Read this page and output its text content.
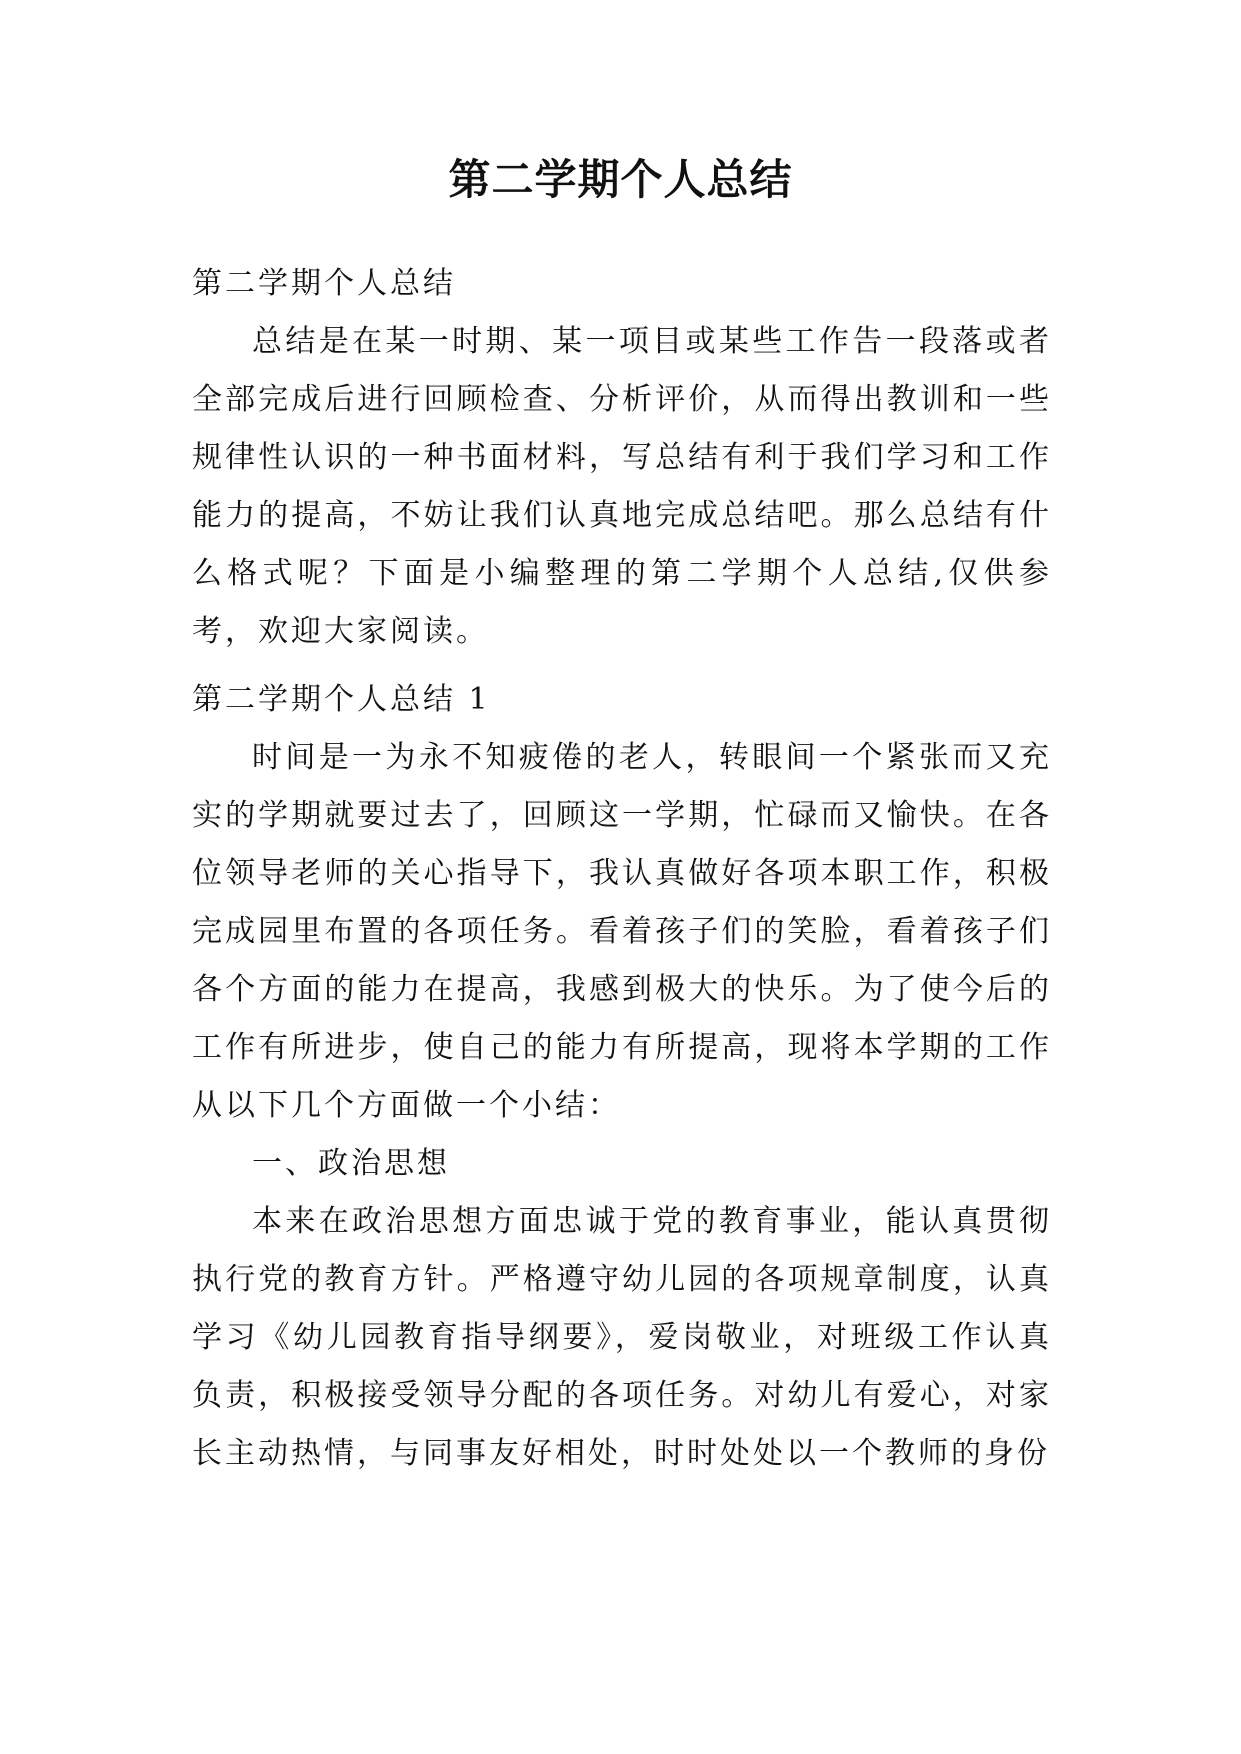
第二学期个人总结

第二学期个人总结

总结是在某一时期、某一项目或某些工作告一段落或者全部完成后进行回顾检查、分析评价，从而得出教训和一些规律性认识的一种书面材料，写总结有利于我们学习和工作能力的提高，不妨让我们认真地完成总结吧。那么总结有什么格式呢？下面是小编整理的第二学期个人总结,仅供参考，欢迎大家阅读。

第二学期个人总结 1

时间是一为永不知疲倦的老人，转眼间一个紧张而又充实的学期就要过去了，回顾这一学期，忙碌而又愉快。在各位领导老师的关心指导下，我认真做好各项本职工作，积极完成园里布置的各项任务。看着孩子们的笑脸，看着孩子们各个方面的能力在提高，我感到极大的快乐。为了使今后的工作有所进步，使自己的能力有所提高，现将本学期的工作从以下几个方面做一个小结：

一、政治思想

本来在政治思想方面忠诚于党的教育事业，能认真贯彻执行党的教育方针。严格遵守幼儿园的各项规章制度，认真学习《幼儿园教育指导纲要》，爱岗敬业，对班级工作认真负责，积极接受领导分配的各项任务。对幼儿有爱心，对家长主动热情，与同事友好相处，时时处处以一个教师的身份
